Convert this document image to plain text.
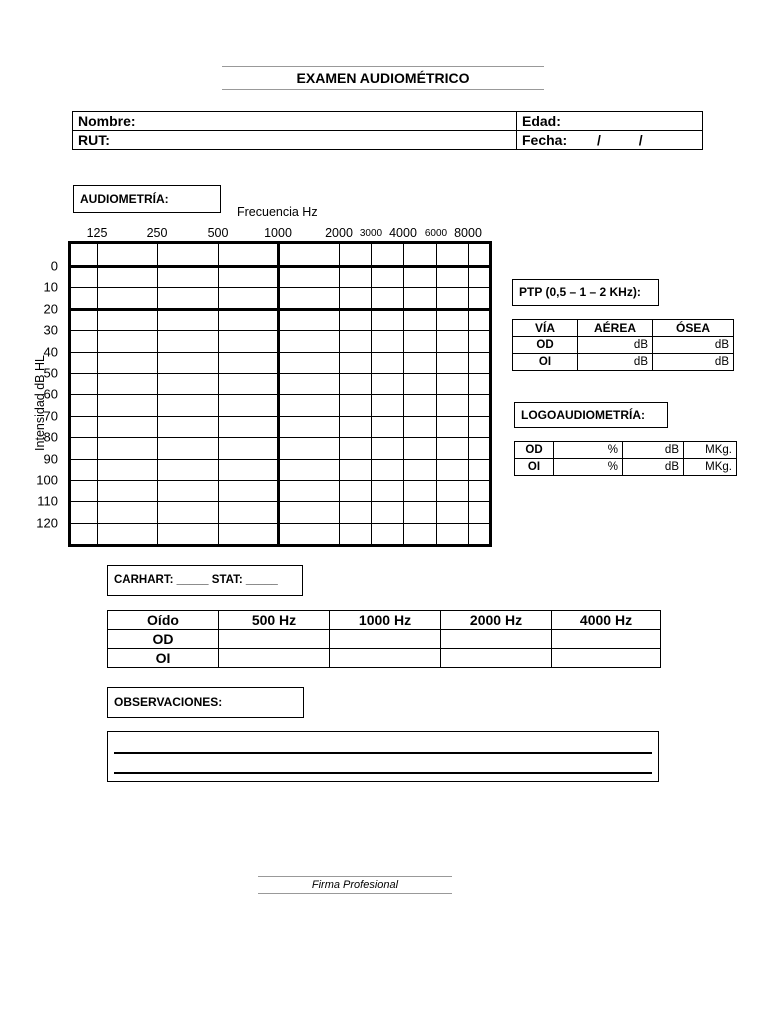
EXAMEN AUDIOMÉTRICO
Nombre:	Edad:
RUT:	Fecha: / /
AUDIOMETRÍA:
Frecuencia Hz
125	250	500	1000	2000 3000 4000 6000 8000
0
10
20
30
40
50
60
70
80
90
100
110
120
Intensidad dB HL
PTP (0,5 – 1 – 2 KHz):
VÍA	AÉREA	ÓSEA
OD	dB	dB
OI	dB	dB
LOGOAUDIOMETRÍA:
OD	%	dB	MKg.
OI	%	dB	MKg.
CARHART: _____ STAT: _____
Oído	500 Hz	1000 Hz	2000 Hz	4000 Hz
OD				
OI				
OBSERVACIONES:
Firma Profesional
